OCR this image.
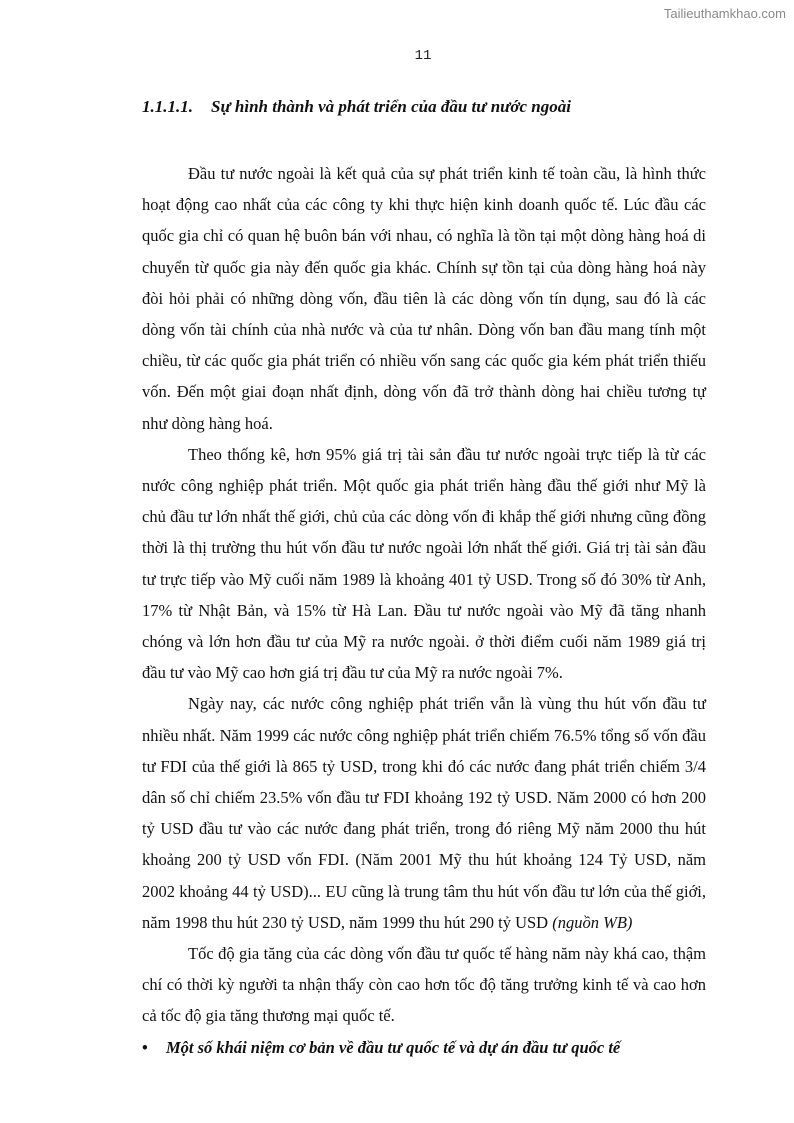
Tailieuthamkhao.com
11
1.1.1.1. Sự hình thành và phát triển của đầu tư nước ngoài

Đầu tư nước ngoài là kết quả của sự phát triển kinh tế toàn cầu, là hình thức hoạt động cao nhất của các công ty khi thực hiện kinh doanh quốc tế. Lúc đầu các quốc gia chỉ có quan hệ buôn bán với nhau, có nghĩa là tồn tại một dòng hàng hoá di chuyển từ quốc gia này đến quốc gia khác. Chính sự tồn tại của dòng hàng hoá này đòi hỏi phải có những dòng vốn, đầu tiên là các dòng vốn tín dụng, sau đó là các dòng vốn tài chính của nhà nước và của tư nhân. Dòng vốn ban đầu mang tính một chiều, từ các quốc gia phát triển có nhiều vốn sang các quốc gia kém phát triển thiếu vốn. Đến một giai đoạn nhất định, dòng vốn đã trở thành dòng hai chiều tương tự như dòng hàng hoá.

Theo thống kê, hơn 95% giá trị tài sản đầu tư nước ngoài trực tiếp là từ các nước công nghiệp phát triển. Một quốc gia phát triển hàng đầu thế giới như Mỹ là chủ đầu tư lớn nhất thế giới, chủ của các dòng vốn đi khắp thế giới nhưng cũng đồng thời là thị trường thu hút vốn đầu tư nước ngoài lớn nhất thế giới. Giá trị tài sản đầu tư trực tiếp vào Mỹ cuối năm 1989 là khoảng 401 tỷ USD. Trong số đó 30% từ Anh, 17% từ Nhật Bản, và 15% từ Hà Lan. Đầu tư nước ngoài vào Mỹ đã tăng nhanh chóng và lớn hơn đầu tư của Mỹ ra nước ngoài. ở thời điểm cuối năm 1989 giá trị đầu tư vào Mỹ cao hơn giá trị đầu tư của Mỹ ra nước ngoài 7%.

Ngày nay, các nước công nghiệp phát triển vẫn là vùng thu hút vốn đầu tư nhiều nhất. Năm 1999 các nước công nghiệp phát triển chiếm 76.5% tổng số vốn đầu tư FDI của thế giới là 865 tỷ USD, trong khi đó các nước đang phát triển chiếm 3/4 dân số chỉ chiếm 23.5% vốn đầu tư FDI khoảng 192 tỷ USD. Năm 2000 có hơn 200 tỷ USD đầu tư vào các nước đang phát triển, trong đó riêng Mỹ năm 2000 thu hút khoảng 200 tỷ USD vốn FDI. (Năm 2001 Mỹ thu hút khoảng 124 Tỷ USD, năm 2002 khoảng 44 tỷ USD)... EU cũng là trung tâm thu hút vốn đầu tư lớn của thế giới, năm 1998 thu hút 230 tỷ USD, năm 1999 thu hút 290 tỷ USD (nguồn WB)

Tốc độ gia tăng của các dòng vốn đầu tư quốc tế hàng năm này khá cao, thậm chí có thời kỳ người ta nhận thấy còn cao hơn tốc độ tăng trưởng kinh tế và cao hơn cả tốc độ gia tăng thương mại quốc tế.

• Một số khái niệm cơ bản về đầu tư quốc tế và dự án đầu tư quốc tế
